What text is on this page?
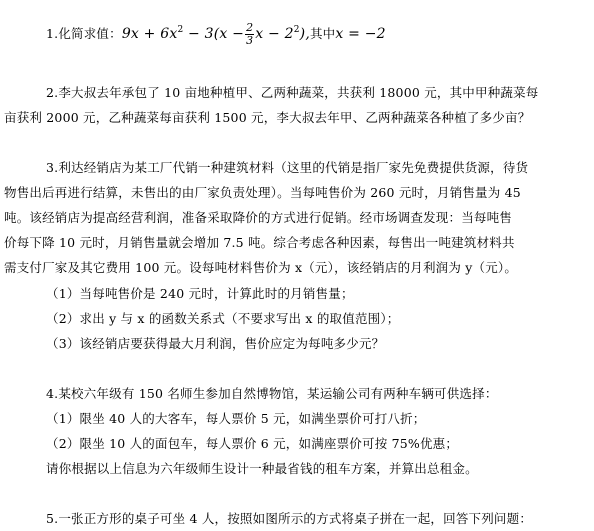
1.化简求值：$9x + 6x^2 - 3(x - \frac{2}{3}$ $x - 2^2$),其中x = −2
2.李大叔去年承包了 10 亩地种植甲、乙两种蔬菜，共获利 18000 元，其中甲种蔬菜每
亩获利 2000 元，乙种蔬菜每亩获利 1500 元，李大叔去年甲、乙两种蔬菜各种植了多少亩？
3.利达经销店为某工厂代销一种建筑材料（这里的代销是指厂家先免费提供货源，待货
物售出后再进行结算，未售出的由厂家负责处理）。当每吨售价为 260 元时，月销售量为 45
吨。该经销店为提高经营利润，准备采取降价的方式进行促销。经市场调查发现：当每吨售
价每下降 10 元时，月销售量就会增加 7.5 吨。综合考虑各种因素，每售出一吨建筑材料共
需支付厂家及其它费用 100 元。设每吨材料售价为 x（元），该经销店的月利润为 y（元）。
（1）当每吨售价是 240 元时，计算此时的月销售量；
（2）求出 y 与 x 的函数关系式（不要求写出 x 的取值范围）；
（3）该经销店要获得最大月利润，售价应定为每吨多少元？
4.某校六年级有 150 名师生参加自然博物馆，某运输公司有两种车辆可供选择：
（1）限坐 40 人的大客车，每人票价 5 元，如满坐票价可打八折；
（2）限坐 10 人的面包车，每人票价 6 元，如满座票价可按 75%优惠；
请你根据以上信息为六年级师生设计一种最省钱的租车方案，并算出总租金。
5.一张正方形的桌子可坐 4 人，按照如图所示的方式将桌子拼在一起，回答下列问题：
